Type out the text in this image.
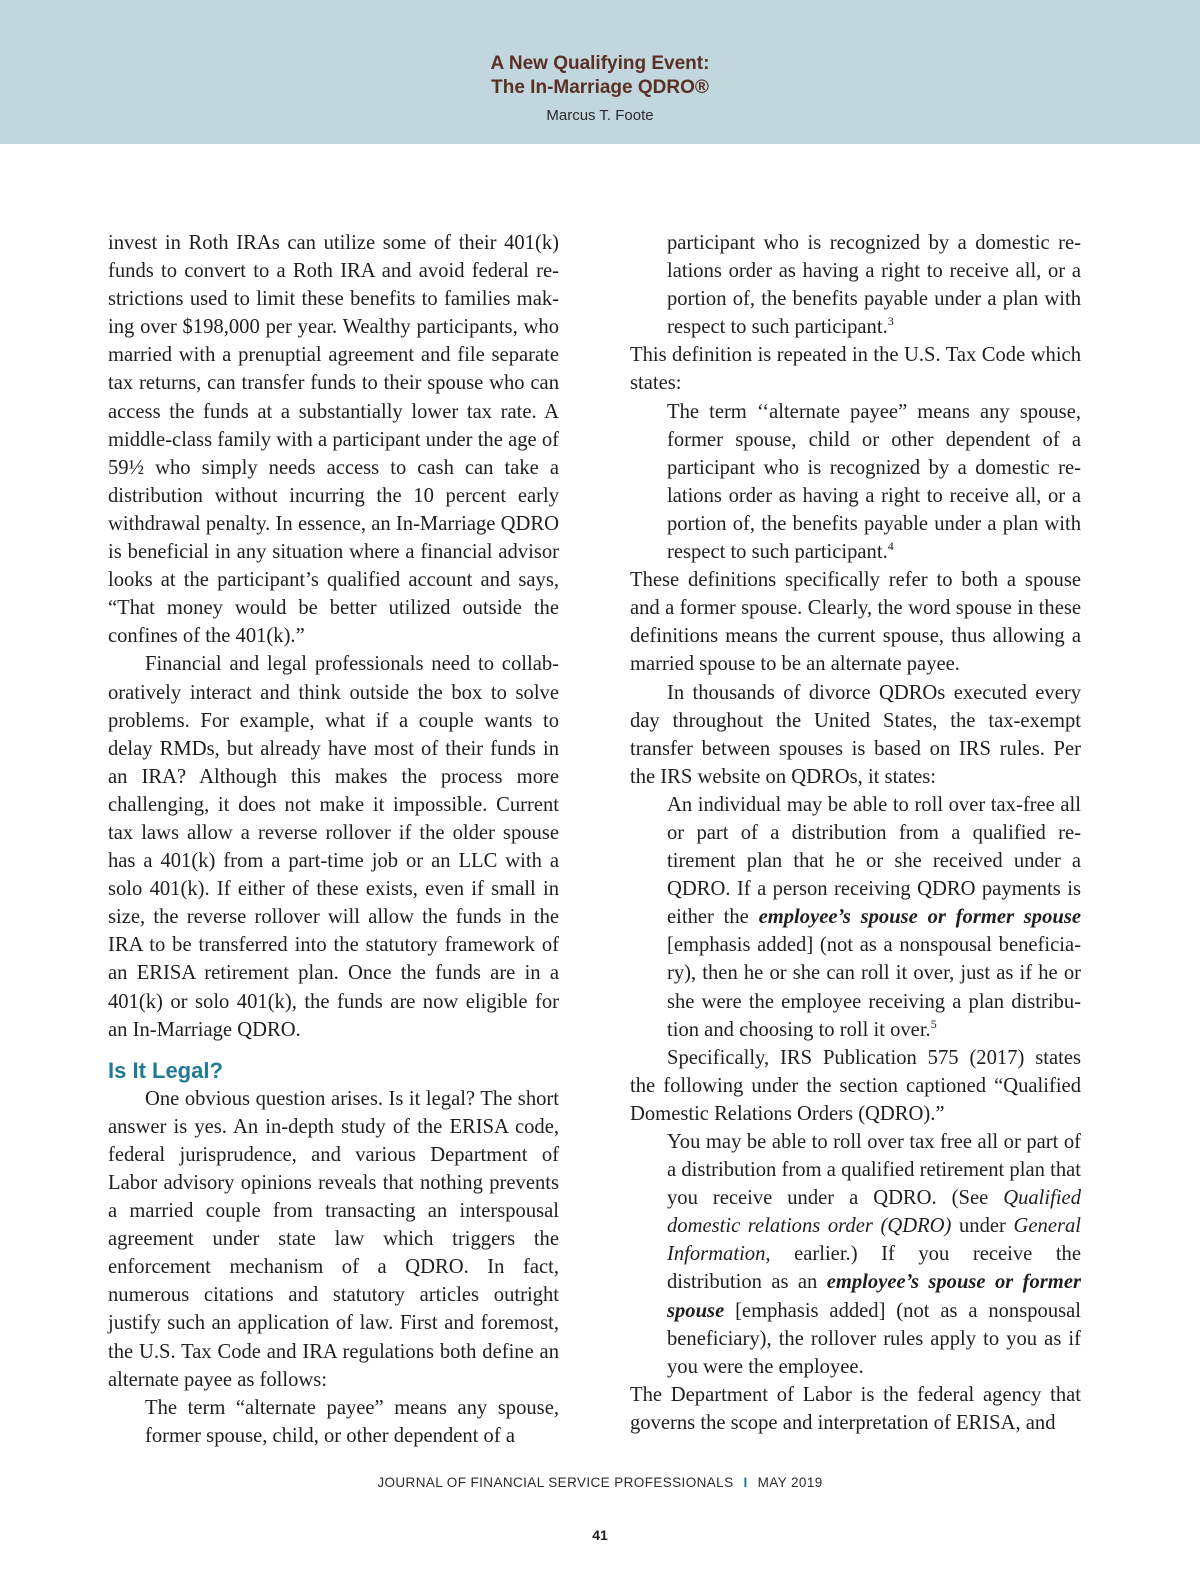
A New Qualifying Event:
The In-Marriage QDRO®
Marcus T. Foote

invest in Roth IRAs can utilize some of their 401(k) funds to convert to a Roth IRA and avoid federal restrictions used to limit these benefits to families making over $198,000 per year. Wealthy participants, who married with a prenuptial agreement and file separate tax returns, can transfer funds to their spouse who can access the funds at a substantially lower tax rate. A middle-class family with a participant under the age of 59½ who simply needs access to cash can take a distribution without incurring the 10 percent early withdrawal penalty. In essence, an In-Marriage QDRO is beneficial in any situation where a financial advisor looks at the participant’s qualified account and says, “That money would be better utilized outside the confines of the 401(k).”

Financial and legal professionals need to collaboratively interact and think outside the box to solve problems. For example, what if a couple wants to delay RMDs, but already have most of their funds in an IRA? Although this makes the process more challenging, it does not make it impossible. Current tax laws allow a reverse rollover if the older spouse has a 401(k) from a part-time job or an LLC with a solo 401(k). If either of these exists, even if small in size, the reverse rollover will allow the funds in the IRA to be transferred into the statutory framework of an ERISA retirement plan. Once the funds are in a 401(k) or solo 401(k), the funds are now eligible for an In-Marriage QDRO.

Is It Legal?

One obvious question arises. Is it legal? The short answer is yes. An in-depth study of the ERISA code, federal jurisprudence, and various Department of Labor advisory opinions reveals that nothing prevents a married couple from transacting an interspousal agreement under state law which triggers the enforcement mechanism of a QDRO. In fact, numerous citations and statutory articles outright justify such an application of law. First and foremost, the U.S. Tax Code and IRA regulations both define an alternate payee as follows:

The term “alternate payee” means any spouse, former spouse, child, or other dependent of a

participant who is recognized by a domestic relations order as having a right to receive all, or a portion of, the benefits payable under a plan with respect to such participant.$^3$

This definition is repeated in the U.S. Tax Code which states:

The term ‘‘alternate payee” means any spouse, former spouse, child or other dependent of a participant who is recognized by a domestic relations order as having a right to receive all, or a portion of, the benefits payable under a plan with respect to such participant.$^4$

These definitions specifically refer to both a spouse and a former spouse. Clearly, the word spouse in these definitions means the current spouse, thus allowing a married spouse to be an alternate payee.

In thousands of divorce QDROs executed every day throughout the United States, the tax-exempt transfer between spouses is based on IRS rules. Per the IRS website on QDROs, it states:

An individual may be able to roll over tax-free all or part of a distribution from a qualified retirement plan that he or she received under a QDRO. If a person receiving QDRO payments is either the employee’s spouse or former spouse [emphasis added] (not as a nonspousal beneficiary), then he or she can roll it over, just as if he or she were the employee receiving a plan distribution and choosing to roll it over.$^5$

Specifically, IRS Publication 575 (2017) states the following under the section captioned “Qualified Domestic Relations Orders (QDRO).”

You may be able to roll over tax free all or part of a distribution from a qualified retirement plan that you receive under a QDRO. (See Qualified domestic relations order (QDRO) under General Information, earlier.) If you receive the distribution as an employee’s spouse or former spouse [emphasis added] (not as a nonspousal beneficiary), the rollover rules apply to you as if you were the employee.

The Department of Labor is the federal agency that governs the scope and interpretation of ERISA, and

JOURNAL OF FINANCIAL SERVICE PROFESSIONALS I MAY 2019
41
